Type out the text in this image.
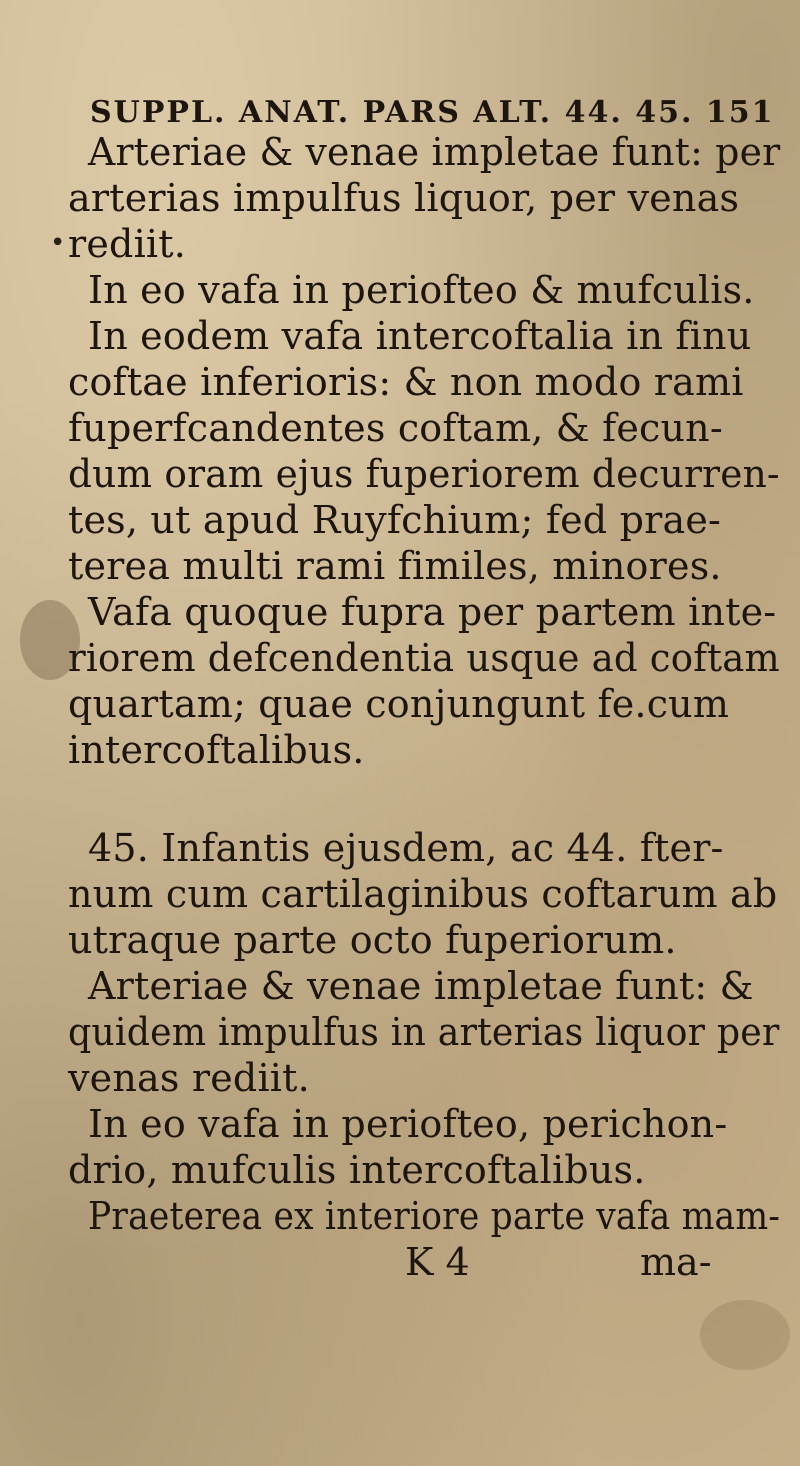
SUPPL. ANAT. PARS ALT. 44. 45. 151
Arteriae & venae impletae funt: per
arterias impulfus liquor, per venas
rediit.
In eo vafa in periofteo & mufculis.
In eodem vafa intercoftalia in finu
coftae inferioris: & non modo rami
fuperfcandentes coftam, & fecun-
dum oram ejus fuperiorem decurren-
tes, ut apud Ruyfchium; fed prae-
terea multi rami fimiles, minores.
Vafa quoque fupra per partem inte-
riorem defcendentia usque ad coftam
quartam; quae conjungunt fe.cum
intercoftalibus.
45. Infantis ejusdem, ac 44. fter-
num cum cartilaginibus coftarum ab
utraque parte octo fuperiorum.
Arteriae & venae impletae funt: &
quidem impulfus in arterias liquor per
venas rediit.
In eo vafa in periofteo, perichon-
drio, mufculis intercoftalibus.
Praeterea ex interiore parte vafa mam-
K 4	ma-
•
